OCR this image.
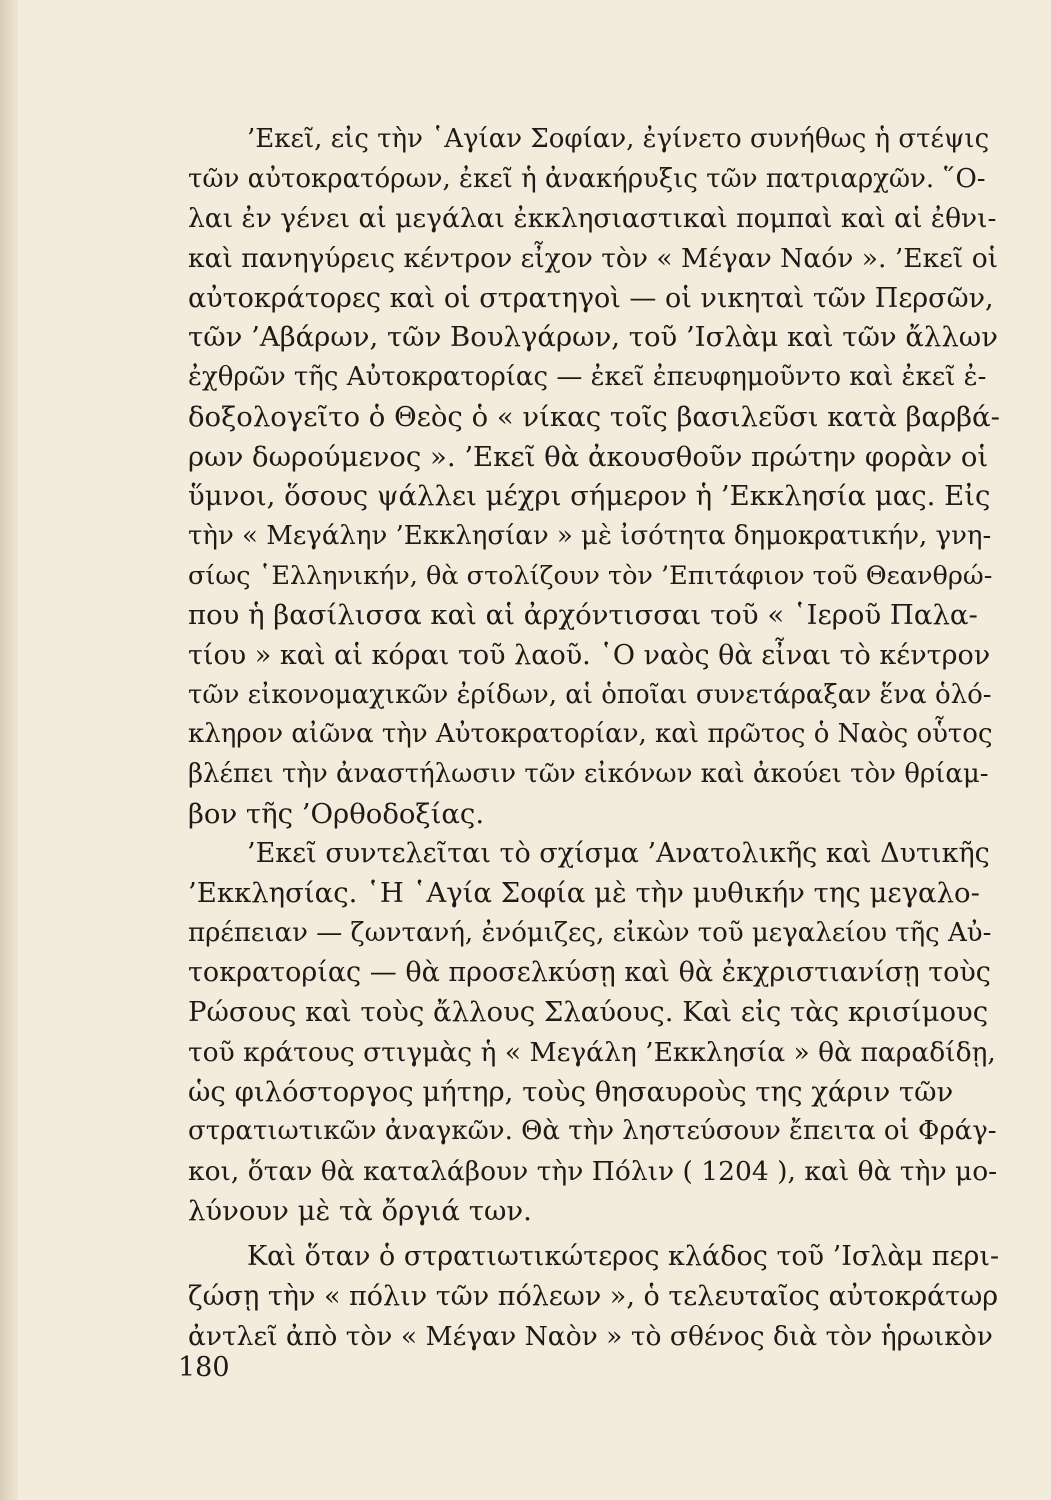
’Εκεῖ, εἰς τὴν ῾Αγίαν Σοφίαν, ἐγίνετο συνήθως ἡ στέψις
τῶν αὐτοκρατόρων, ἐκεῖ ἡ ἀνακήρυξις τῶν πατριαρχῶν. ῞Ο-
λαι ἐν γένει αἱ μεγάλαι ἐκκλησιαστικαὶ πομπαὶ καὶ αἱ ἐθνι-
καὶ πανηγύρεις κέντρον εἶχον τὸν « Μέγαν Ναόν ». ’Εκεῖ οἱ
αὐτοκράτορες καὶ οἱ στρατηγοὶ — οἱ νικηταὶ τῶν Περσῶν,
τῶν ’Αβάρων, τῶν Βουλγάρων, τοῦ ’Ισλὰμ καὶ τῶν ἄλλων
ἐχθρῶν τῆς Αὐτοκρατορίας — ἐκεῖ ἐπευφημοῦντο καὶ ἐκεῖ ἐ-
δοξολογεῖτο ὁ Θεὸς ὁ « νίκας τοῖς βασιλεῦσι κατὰ βαρβά-
ρων δωρούμενος ». ’Εκεῖ θὰ ἀκουσθοῦν πρώτην φορὰν οἱ
ὕμνοι, ὅσους ψάλλει μέχρι σήμερον ἡ ’Εκκλησία μας. Εἰς
τὴν « Μεγάλην ’Εκκλησίαν » μὲ ἰσότητα δημοκρατικήν, γνη-
σίως ῾Ελληνικήν, θὰ στολίζουν τὸν ’Επιτάφιον τοῦ Θεανθρώ-
που ἡ βασίλισσα καὶ αἱ ἀρχόντισσαι τοῦ « ῾Ιεροῦ Παλα-
τίου » καὶ αἱ κόραι τοῦ λαοῦ. ῾Ο ναὸς θὰ εἶναι τὸ κέντρον
τῶν εἰκονομαχικῶν ἐρίδων, αἱ ὁποῖαι συνετάραξαν ἕνα ὁλό-
κληρον αἰῶνα τὴν Αὐτοκρατορίαν, καὶ πρῶτος ὁ Ναὸς οὗτος
βλέπει τὴν ἀναστήλωσιν τῶν εἰκόνων καὶ ἀκούει τὸν θρίαμ-
βον τῆς ’Ορθοδοξίας.
’Εκεῖ συντελεῖται τὸ σχίσμα ’Ανατολικῆς καὶ Δυτικῆς
’Εκκλησίας. ῾Η ῾Αγία Σοφία μὲ τὴν μυθικήν της μεγαλο-
πρέπειαν — ζωντανή, ἐνόμιζες, εἰκὼν τοῦ μεγαλείου τῆς Αὐ-
τοκρατορίας — θὰ προσελκύσῃ καὶ θὰ ἐκχριστιανίσῃ τοὺς
Ρώσους καὶ τοὺς ἄλλους Σλαύους. Καὶ εἰς τὰς κρισίμους
τοῦ κράτους στιγμὰς ἡ « Μεγάλη ’Εκκλησία » θὰ παραδίδῃ,
ὡς φιλόστοργος μήτηρ, τοὺς θησαυροὺς της χάριν τῶν
στρατιωτικῶν ἀναγκῶν. Θὰ τὴν ληστεύσουν ἔπειτα οἱ Φράγ-
κοι, ὅταν θὰ καταλάβουν τὴν Πόλιν ( 1204 ), καὶ θὰ τὴν μο-
λύνουν μὲ τὰ ὄργιά των.
Καὶ ὅταν ὁ στρατιωτικώτερος κλάδος τοῦ ’Ισλὰμ περι-
ζώσῃ τὴν « πόλιν τῶν πόλεων », ὁ τελευταῖος αὐτοκράτωρ
ἀντλεῖ ἀπὸ τὸν « Μέγαν Ναὸν » τὸ σθένος διὰ τὸν ἡρωικὸν
180
